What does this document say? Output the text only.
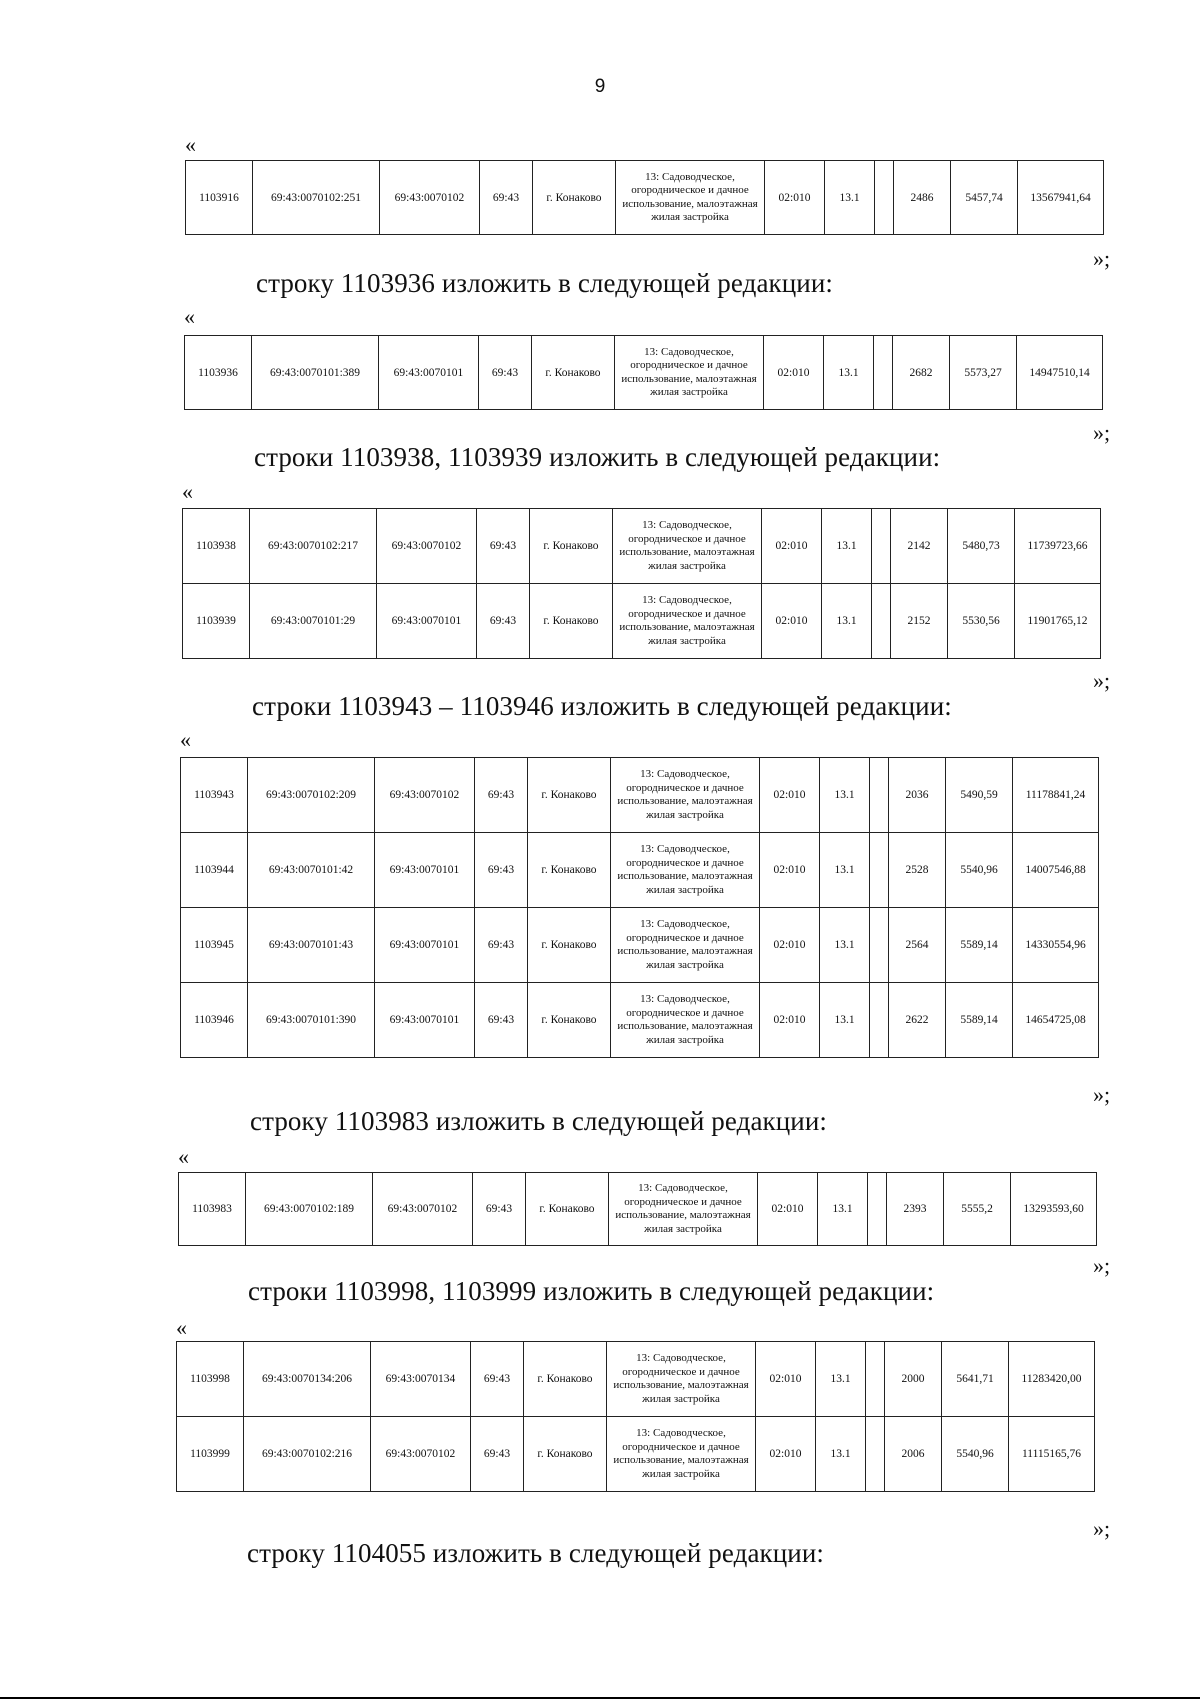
9
«
1103916	69:43:0070102:251	69:43:0070102	69:43	г. Конаково	13: Садоводческое, огородническое и дачное использование, малоэтажная жилая застройка	02:010	13.1		2486	5457,74	13567941,64
»;
строку 1103936 изложить в следующей редакции:
«
1103936	69:43:0070101:389	69:43:0070101	69:43	г. Конаково	13: Садоводческое, огородническое и дачное использование, малоэтажная жилая застройка	02:010	13.1		2682	5573,27	14947510,14
»;
строки 1103938, 1103939 изложить в следующей редакции:
«
1103938	69:43:0070102:217	69:43:0070102	69:43	г. Конаково	13: Садоводческое, огородническое и дачное использование, малоэтажная жилая застройка	02:010	13.1		2142	5480,73	11739723,66
1103939	69:43:0070101:29	69:43:0070101	69:43	г. Конаково	13: Садоводческое, огородническое и дачное использование, малоэтажная жилая застройка	02:010	13.1		2152	5530,56	11901765,12
»;
строки 1103943 – 1103946 изложить в следующей редакции:
«
1103943	69:43:0070102:209	69:43:0070102	69:43	г. Конаково	13: Садоводческое, огородническое и дачное использование, малоэтажная жилая застройка	02:010	13.1		2036	5490,59	11178841,24
1103944	69:43:0070101:42	69:43:0070101	69:43	г. Конаково	13: Садоводческое, огородническое и дачное использование, малоэтажная жилая застройка	02:010	13.1		2528	5540,96	14007546,88
1103945	69:43:0070101:43	69:43:0070101	69:43	г. Конаково	13: Садоводческое, огородническое и дачное использование, малоэтажная жилая застройка	02:010	13.1		2564	5589,14	14330554,96
1103946	69:43:0070101:390	69:43:0070101	69:43	г. Конаково	13: Садоводческое, огородническое и дачное использование, малоэтажная жилая застройка	02:010	13.1		2622	5589,14	14654725,08
»;
строку 1103983 изложить в следующей редакции:
«
1103983	69:43:0070102:189	69:43:0070102	69:43	г. Конаково	13: Садоводческое, огородническое и дачное использование, малоэтажная жилая застройка	02:010	13.1		2393	5555,2	13293593,60
»;
строки 1103998, 1103999 изложить в следующей редакции:
«
1103998	69:43:0070134:206	69:43:0070134	69:43	г. Конаково	13: Садоводческое, огородническое и дачное использование, малоэтажная жилая застройка	02:010	13.1		2000	5641,71	11283420,00
1103999	69:43:0070102:216	69:43:0070102	69:43	г. Конаково	13: Садоводческое, огородническое и дачное использование, малоэтажная жилая застройка	02:010	13.1		2006	5540,96	11115165,76
»;
строку 1104055 изложить в следующей редакции:
